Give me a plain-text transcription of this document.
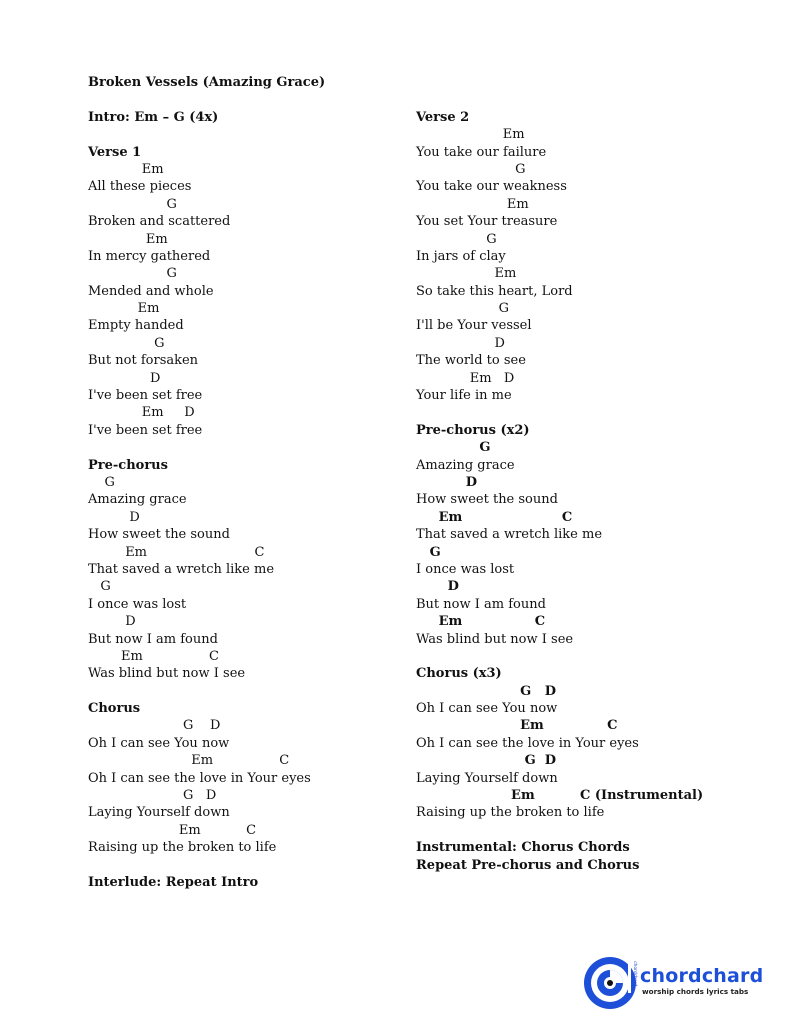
Broken Vessels (Amazing Grace)
Intro: Em – G (4x)
Verse 1
Em
All these pieces
G
Broken and scattered
Em
In mercy gathered
G
Mended and whole
Em
Empty handed
G
But not forsaken
D
I've been set free
Em     D
I've been set free
Pre-chorus
G
Amazing grace
D
How sweet the sound
Em                          C
That saved a wretch like me
G
I once was lost
D
But now I am found
Em                C
Was blind but now I see
Chorus
G    D
Oh I can see You now
Em                C
Oh I can see the love in Your eyes
G   D
Laying Yourself down
Em           C
Raising up the broken to life
Interlude: Repeat Intro
Verse 2
Em
You take our failure
G
You take our weakness
Em
You set Your treasure
G
In jars of clay
Em
So take this heart, Lord
G
I'll be Your vessel
D
The world to see
Em   D
Your life in me
Pre-chorus (x2)
G
Amazing grace
D
How sweet the sound
Em                      C
That saved a wretch like me
G
I once was lost
D
But now I am found
Em                C
Was blind but now I see
Chorus (x3)
G   D
Oh I can see You now
Em              C
Oh I can see the love in Your eyes
G  D
Laying Yourself down
Em          C (Instrumental)
Raising up the broken to life
Instrumental: Chorus Chords
Repeat Pre-chorus and Chorus
chordchard chordchard
worship chords lyrics tabs
